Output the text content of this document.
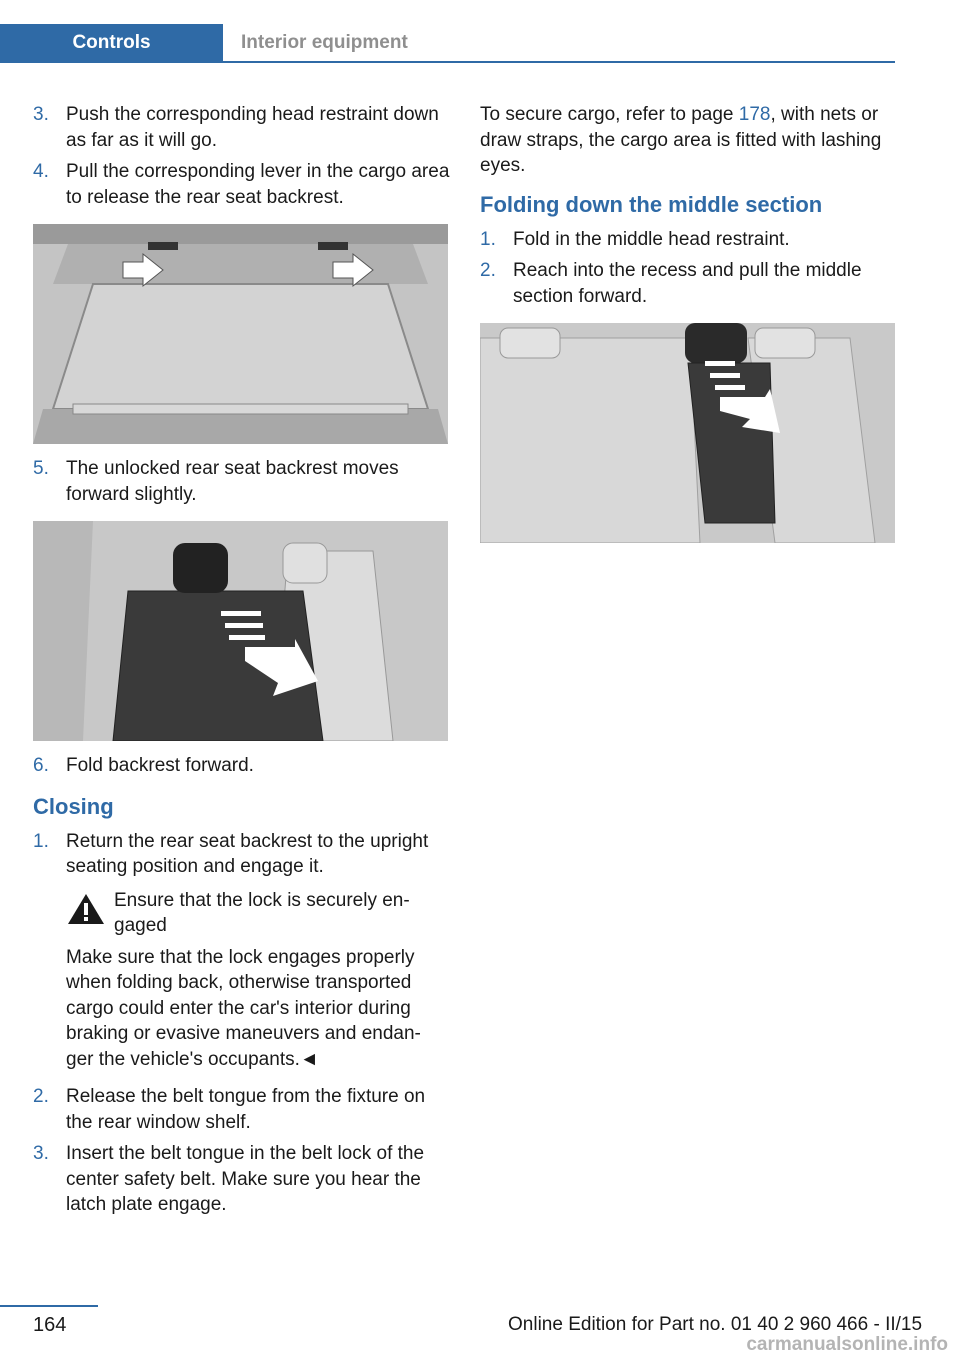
Controls	Interior equipment
3. Push the corresponding head restraint down as far as it will go.
4. Pull the corresponding lever in the cargo area to release the rear seat backrest.
5. The unlocked rear seat backrest moves forward slightly.
6. Fold backrest forward.
Closing
1. Return the rear seat backrest to the upright seating position and engage it.
Ensure that the lock is securely en‐ gaged
Make sure that the lock engages properly when folding back, otherwise transported cargo could enter the car's interior during braking or evasive maneuvers and endan‐ ger the vehicle's occupants.◄
2. Release the belt tongue from the fixture on the rear window shelf.
3. Insert the belt tongue in the belt lock of the center safety belt. Make sure you hear the latch plate engage.

To secure cargo, refer to page 178, with nets or draw straps, the cargo area is fitted with lashing eyes.

Folding down the middle section
1. Fold in the middle head restraint.
2. Reach into the recess and pull the middle section forward.
164	Online Edition for Part no. 01 40 2 960 466 - II/15
carmanualsonline.info
